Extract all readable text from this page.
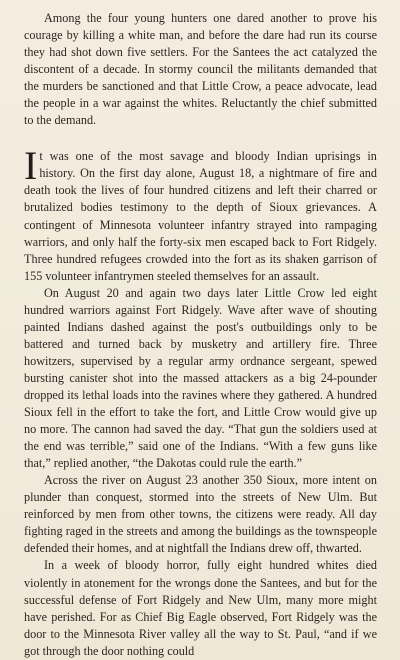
Among the four young hunters one dared another to prove his courage by killing a white man, and before the dare had run its course they had shot down five settlers. For the Santees the act catalyzed the discontent of a decade. In stormy council the militants demanded that the murders be sanctioned and that Little Crow, a peace advocate, lead the people in a war against the whites. Reluctantly the chief submitted to the demand.

It was one of the most savage and bloody Indian uprisings in history. On the first day alone, August 18, a nightmare of fire and death took the lives of four hundred citizens and left their charred or brutalized bodies testimony to the depth of Sioux grievances. A contingent of Minnesota volunteer infantry strayed into rampaging warriors, and only half the forty-six men escaped back to Fort Ridgely. Three hundred refugees crowded into the fort as its shaken garrison of 155 volunteer infantrymen steeled themselves for an assault.

On August 20 and again two days later Little Crow led eight hundred warriors against Fort Ridgely. Wave after wave of shouting painted Indians dashed against the post's outbuildings only to be battered and turned back by musketry and artillery fire. Three howitzers, supervised by a regular army ordnance sergeant, spewed bursting canister shot into the massed attackers as a big 24-pounder dropped its lethal loads into the ravines where they gathered. A hundred Sioux fell in the effort to take the fort, and Little Crow would give up no more. The cannon had saved the day. “That gun the soldiers used at the end was terrible,” said one of the Indians. “With a few guns like that,” replied another, “the Dakotas could rule the earth.”

Across the river on August 23 another 350 Sioux, more intent on plunder than conquest, stormed into the streets of New Ulm. But reinforced by men from other towns, the citizens were ready. All day fighting raged in the streets and among the buildings as the townspeople defended their homes, and at nightfall the Indians drew off, thwarted.

In a week of bloody horror, fully eight hundred whites died violently in atonement for the wrongs done the Santees, and but for the successful defense of Fort Ridgely and New Ulm, many more might have perished. For as Chief Big Eagle observed, Fort Ridgely was the door to the Minnesota River valley all the way to St. Paul, “and if we got through the door nothing could
